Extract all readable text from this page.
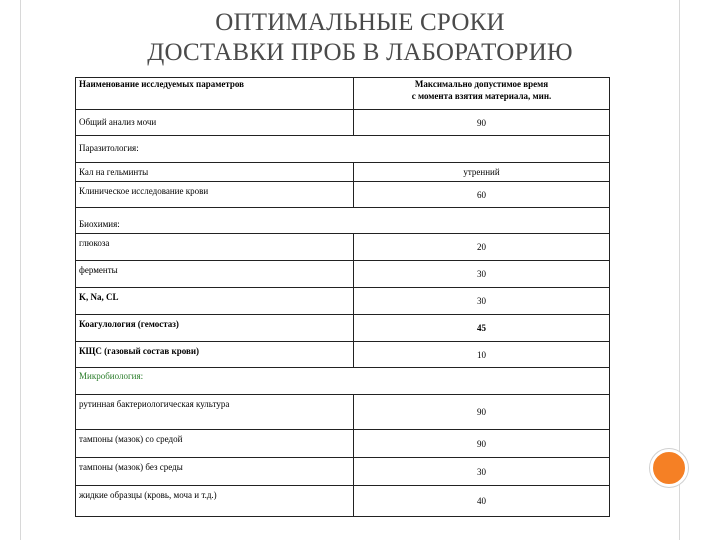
ОПТИМАЛЬНЫЕ СРОКИ
ДОСТАВКИ ПРОБ В ЛАБОРАТОРИЮ
Наименование исследуемых параметров	Максимально допустимое время
с момента взятия материала, мин.
Общий анализ мочи	90
Паразитология:	
Кал на гельминты	утренний
Клиническое исследование крови	60
Биохимия:	
глюкоза	20
ферменты	30
K, Na, CL	30
Коагулология (гемостаз)	45
КЩС (газовый состав крови)	10
Микробиология:	
рутинная бактериологическая культура	90
тампоны (мазок) со средой	90
тампоны (мазок) без среды	30
жидкие образцы (кровь, моча и т.д.)	40
